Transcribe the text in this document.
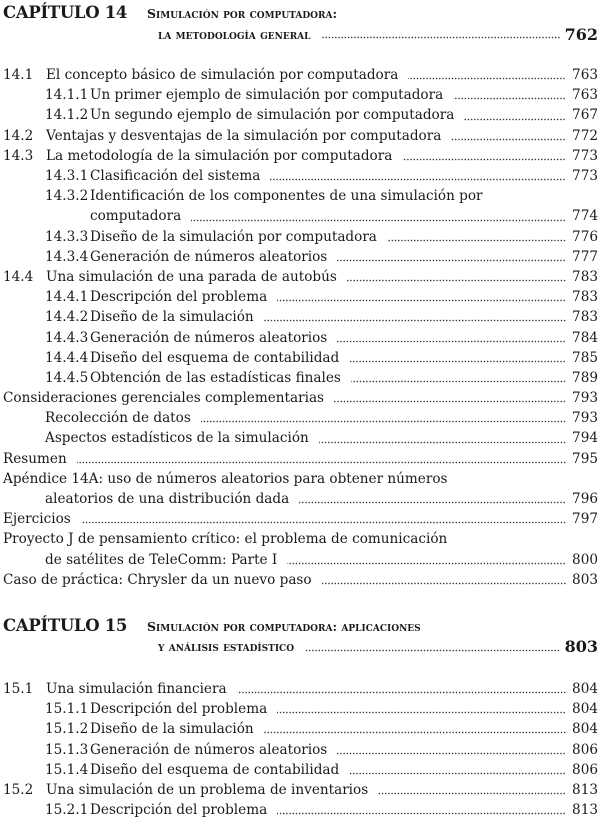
CAPÍTULO 14 Simulación por computadora:
la metodología general	762
14.1 El concepto básico de simulación por computadora	763
14.1.1 Un primer ejemplo de simulación por computadora	763
14.1.2 Un segundo ejemplo de simulación por computadora	767
14.2 Ventajas y desventajas de la simulación por computadora	772
14.3 La metodología de la simulación por computadora	773
14.3.1 Clasificación del sistema	773
14.3.2 Identificación de los componentes de una simulación por
computadora	774
14.3.3 Diseño de la simulación por computadora	776
14.3.4 Generación de números aleatorios	777
14.4 Una simulación de una parada de autobús	783
14.4.1 Descripción del problema	783
14.4.2 Diseño de la simulación	783
14.4.3 Generación de números aleatorios	784
14.4.4 Diseño del esquema de contabilidad	785
14.4.5 Obtención de las estadísticas finales	789
Consideraciones gerenciales complementarias	793
Recolección de datos	793
Aspectos estadísticos de la simulación	794
Resumen	795
Apéndice 14A: uso de números aleatorios para obtener números
aleatorios de una distribución dada	796
Ejercicios	797
Proyecto J de pensamiento crítico: el problema de comunicación
de satélites de TeleComm: Parte I	800
Caso de práctica: Chrysler da un nuevo paso	803
CAPÍTULO 15 Simulación por computadora: aplicaciones
y análisis estadístico	803
15.1 Una simulación financiera	804
15.1.1 Descripción del problema	804
15.1.2 Diseño de la simulación	804
15.1.3 Generación de números aleatorios	806
15.1.4 Diseño del esquema de contabilidad	806
15.2 Una simulación de un problema de inventarios	813
15.2.1 Descripción del problema	813
